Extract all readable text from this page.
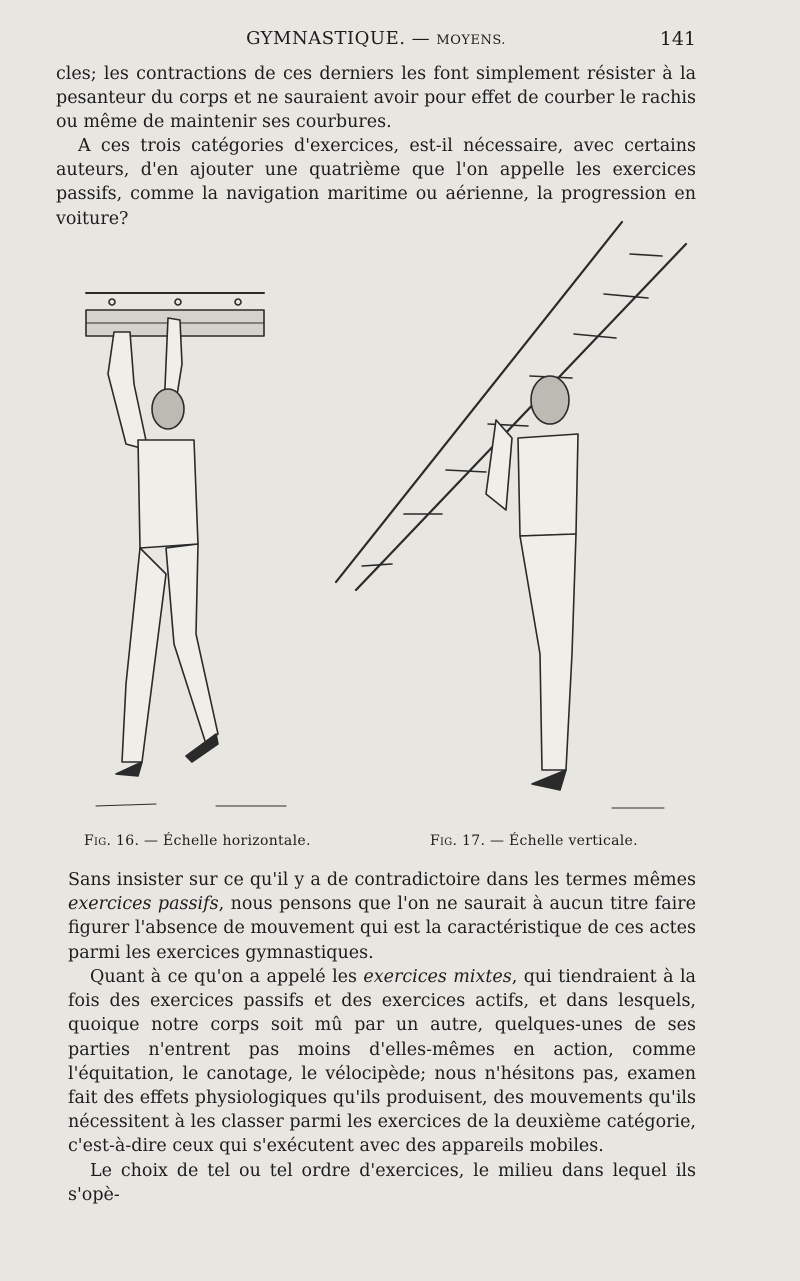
GYMNASTIQUE. — MOYENS.	141

cles; les contractions de ces derniers les font simplement résister à la pesanteur du corps et ne sauraient avoir pour effet de courber le rachis ou même de maintenir ses courbures.

A ces trois catégories d'exercices, est-il nécessaire, avec certains auteurs, d'en ajouter une quatrième que l'on appelle les exercices passifs, comme la navigation maritime ou aérienne, la progression en voiture?

Fig. 16. — Échelle horizontale.	Fig. 17. — Échelle verticale.

Sans insister sur ce qu'il y a de contradictoire dans les termes mêmes exercices passifs, nous pensons que l'on ne saurait à aucun titre faire figurer l'absence de mouvement qui est la caractéristique de ces actes parmi les exercices gymnastiques.

Quant à ce qu'on a appelé les exercices mixtes, qui tiendraient à la fois des exercices passifs et des exercices actifs, et dans lesquels, quoique notre corps soit mû par un autre, quelques-unes de ses parties n'entrent pas moins d'elles-mêmes en action, comme l'équitation, le canotage, le vélocipède; nous n'hésitons pas, examen fait des effets physiologiques qu'ils produisent, des mouvements qu'ils nécessitent à les classer parmi les exercices de la deuxième catégorie, c'est-à-dire ceux qui s'exécutent avec des appareils mobiles.

Le choix de tel ou tel ordre d'exercices, le milieu dans lequel ils s'opè-
